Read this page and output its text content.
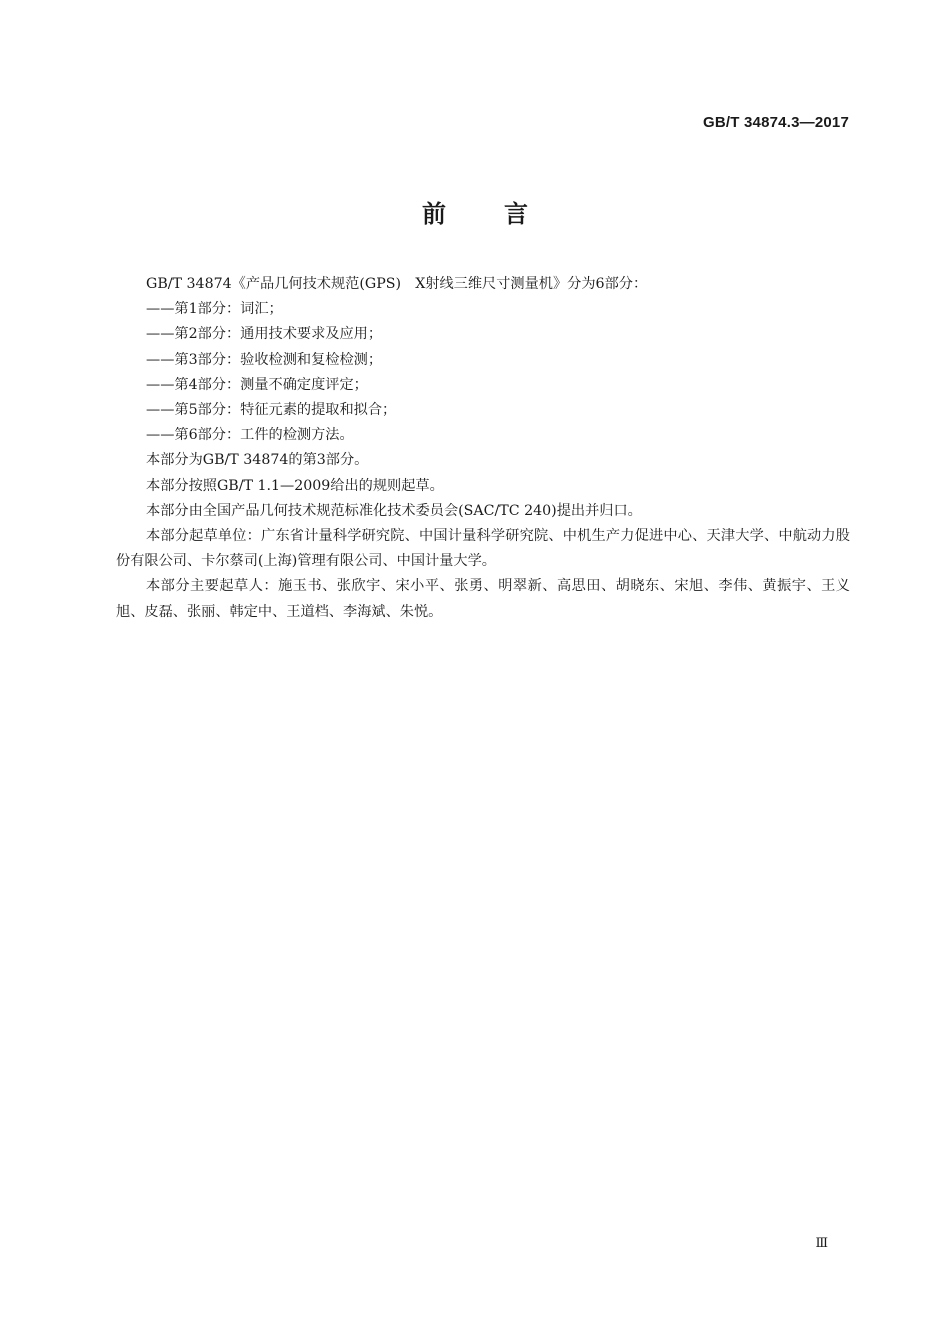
GB/T 34874.3—2017
前言

GB/T 34874《产品几何技术规范(GPS)　X射线三维尺寸测量机》分为6部分：

——第1部分：词汇；

——第2部分：通用技术要求及应用；

——第3部分：验收检测和复检检测；

——第4部分：测量不确定度评定；

——第5部分：特征元素的提取和拟合；

——第6部分：工件的检测方法。

本部分为GB/T 34874的第3部分。

本部分按照GB/T 1.1—2009给出的规则起草。

本部分由全国产品几何技术规范标准化技术委员会(SAC/TC 240)提出并归口。

本部分起草单位：广东省计量科学研究院、中国计量科学研究院、中机生产力促进中心、天津大学、中航动力股份有限公司、卡尔蔡司(上海)管理有限公司、中国计量大学。

本部分主要起草人：施玉书、张欣宇、宋小平、张勇、明翠新、高思田、胡晓东、宋旭、李伟、黄振宇、王义旭、皮磊、张丽、韩定中、王道档、李海斌、朱悦。

Ⅲ
